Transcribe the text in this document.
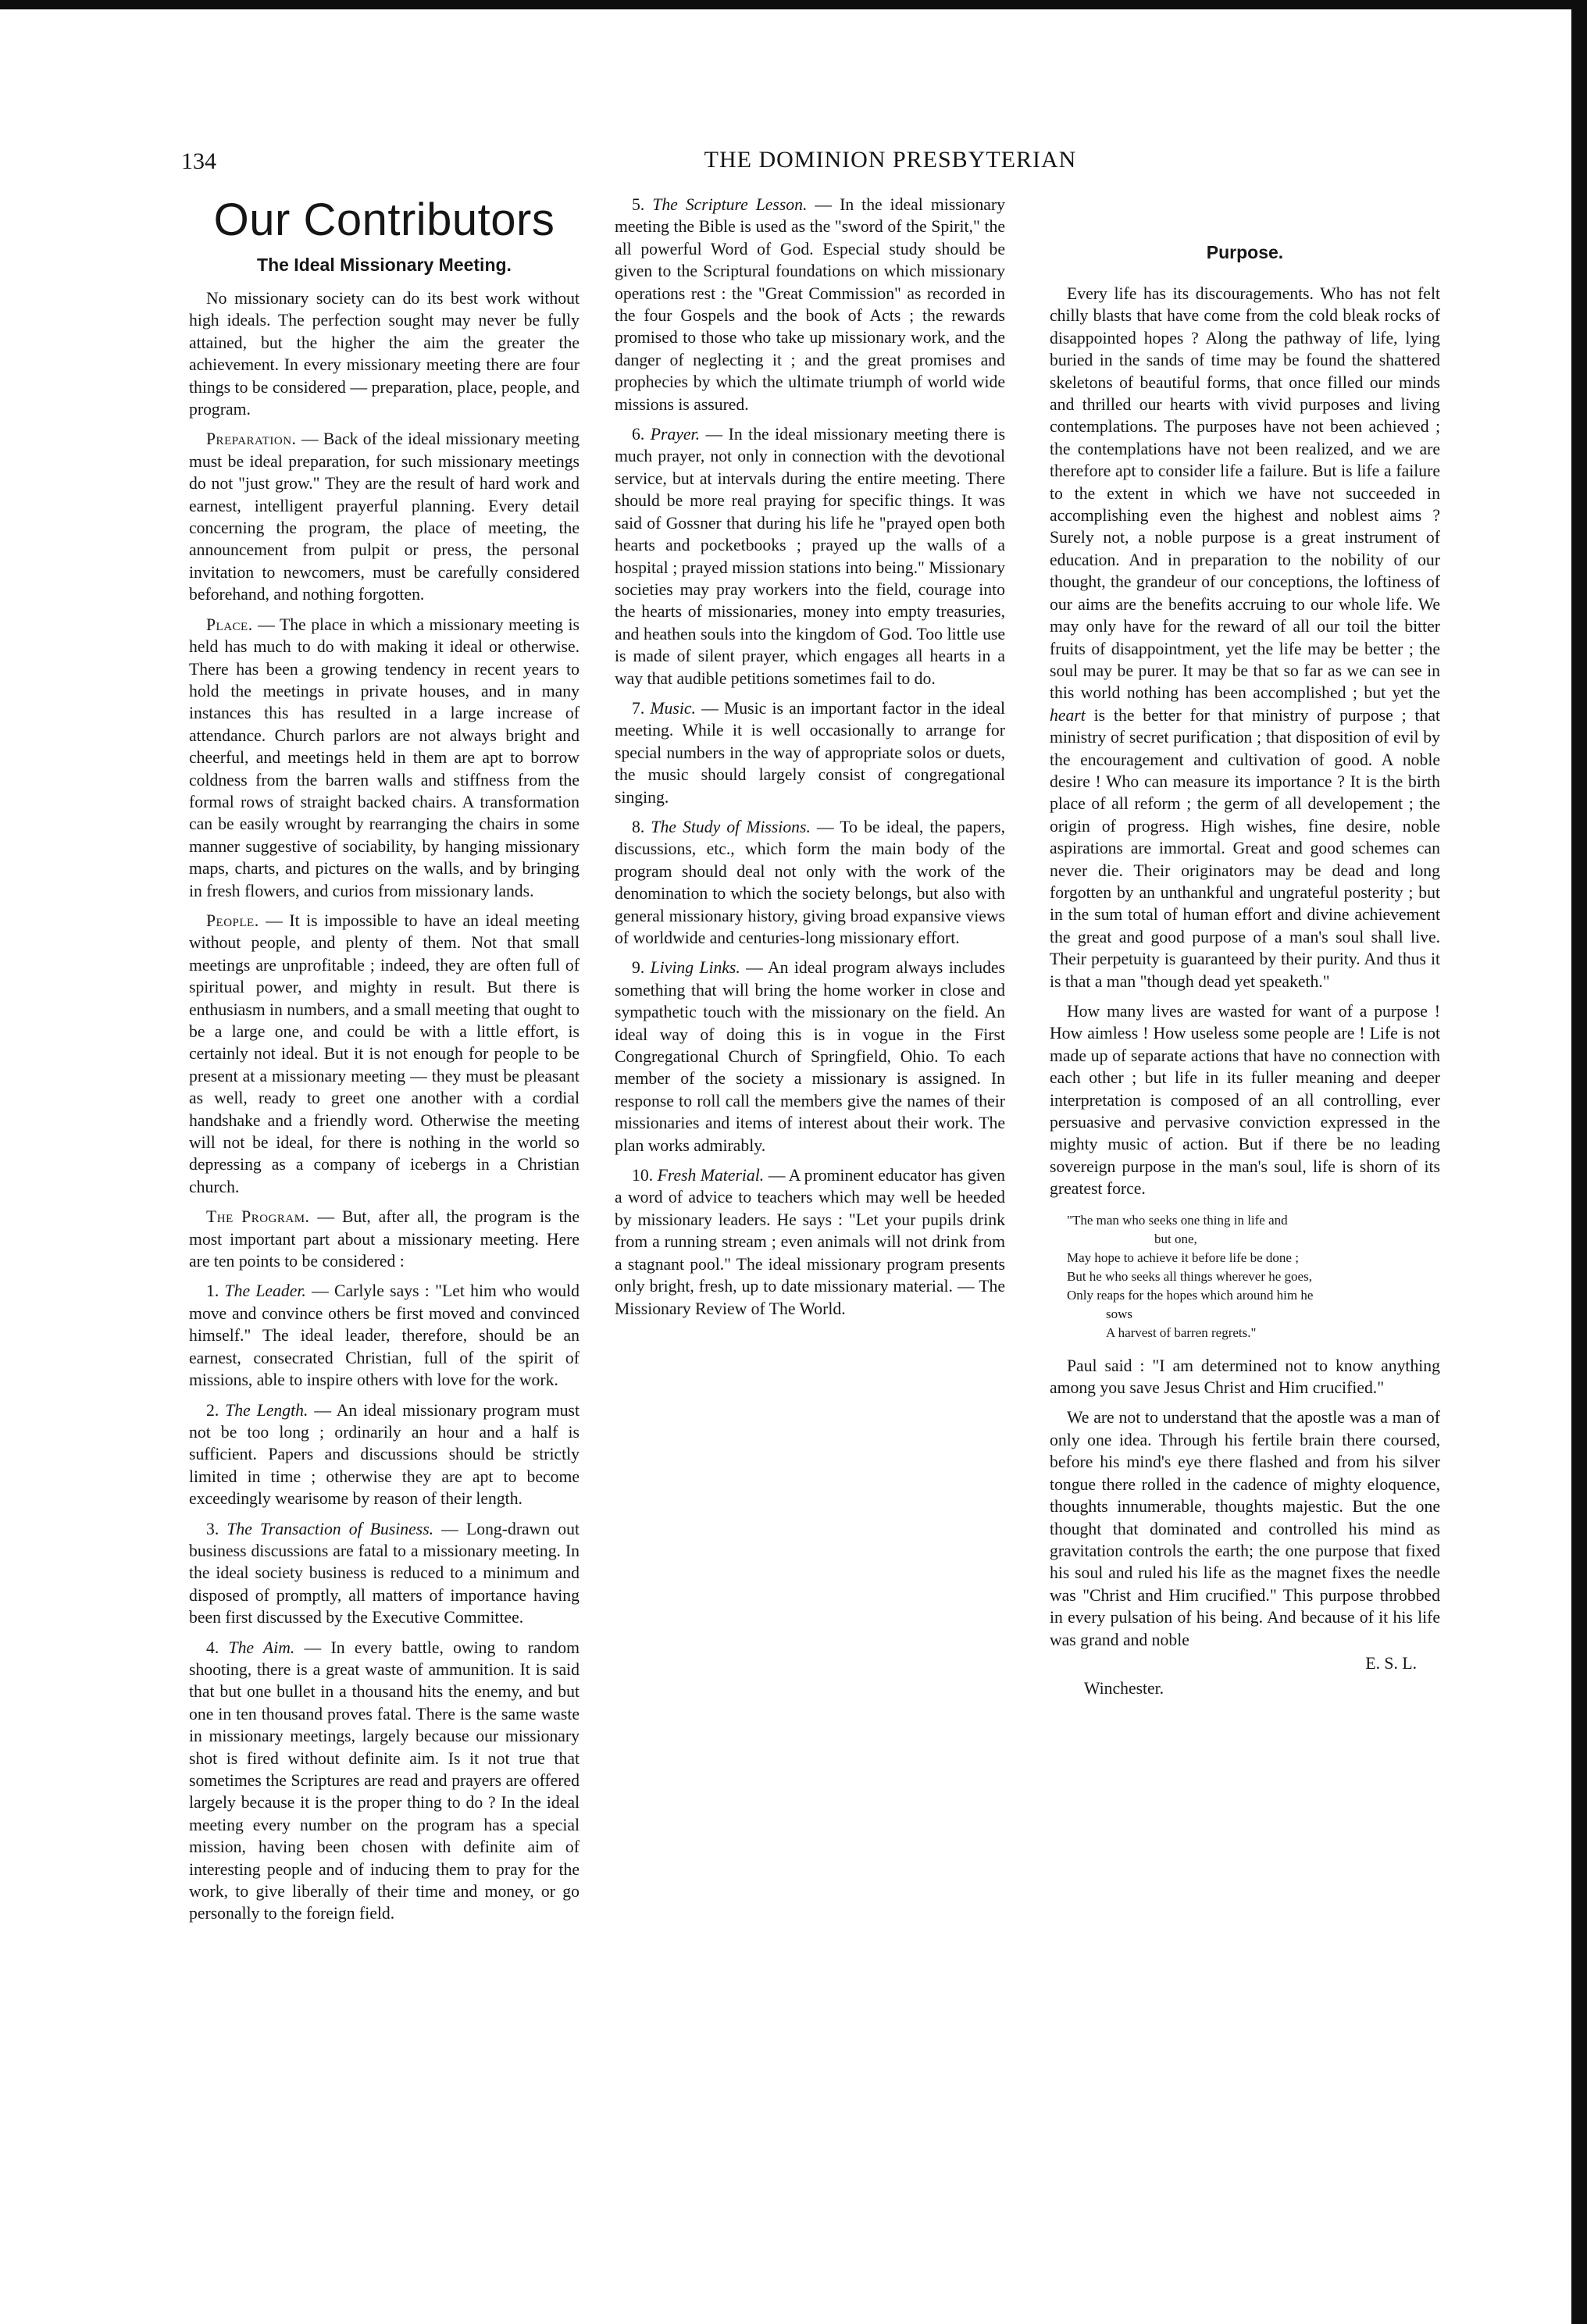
134	THE DOMINION PRESBYTERIAN
Our Contributors
The Ideal Missionary Meeting.

No missionary society can do its best work without high ideals. The perfection sought may never be fully attained, but the higher the aim the greater the achievement. In every missionary meeting there are four things to be considered — preparation, place, people, and program.

Preparation. — Back of the ideal missionary meeting must be ideal preparation, for such missionary meetings do not "just grow." They are the result of hard work and earnest, intelligent prayerful planning. Every detail concerning the program, the place of meeting, the announcement from pulpit or press, the personal invitation to newcomers, must be carefully considered beforehand, and nothing forgotten.

Place. — The place in which a missionary meeting is held has much to do with making it ideal or otherwise. There has been a growing tendency in recent years to hold the meetings in private houses, and in many instances this has resulted in a large increase of attendance. Church parlors are not always bright and cheerful, and meetings held in them are apt to borrow coldness from the barren walls and stiffness from the formal rows of straight backed chairs. A transformation can be easily wrought by rearranging the chairs in some manner suggestive of sociability, by hanging missionary maps, charts, and pictures on the walls, and by bringing in fresh flowers, and curios from missionary lands.

People. — It is impossible to have an ideal meeting without people, and plenty of them. Not that small meetings are unprofitable ; indeed, they are often full of spiritual power, and mighty in result. But there is enthusiasm in numbers, and a small meeting that ought to be a large one, and could be with a little effort, is certainly not ideal. But it is not enough for people to be present at a missionary meeting — they must be pleasant as well, ready to greet one another with a cordial handshake and a friendly word. Otherwise the meeting will not be ideal, for there is nothing in the world so depressing as a company of icebergs in a Christian church.

The Program. — But, after all, the program is the most important part about a missionary meeting. Here are ten points to be considered :

1. The Leader. — Carlyle says : "Let him who would move and convince others be first moved and convinced himself." The ideal leader, therefore, should be an earnest, consecrated Christian, full of the spirit of missions, able to inspire others with love for the work.

2. The Length. — An ideal missionary program must not be too long ; ordinarily an hour and a half is sufficient. Papers and discussions should be strictly limited in time ; otherwise they are apt to become exceedingly wearisome by reason of their length.

3. The Transaction of Business. — Long-drawn out business discussions are fatal to a missionary meeting. In the ideal society business is reduced to a minimum and disposed of promptly, all matters of importance having been first discussed by the Executive Committee.

4. The Aim. — In every battle, owing to random shooting, there is a great waste of ammunition. It is said that but one bullet in a thousand hits the enemy, and but one in ten thousand proves fatal. There is the same waste in missionary meetings, largely because our missionary shot is fired without definite aim. Is it not true that sometimes the Scriptures are read and prayers are offered largely because it is the proper thing to do ? In the ideal meeting every number on the program has a special mission, having been chosen with definite aim of interesting people and of inducing them to pray for the work, to give liberally of their time and money, or go personally to the foreign field.

5. The Scripture Lesson. — In the ideal missionary meeting the Bible is used as the "sword of the Spirit," the all powerful Word of God. Especial study should be given to the Scriptural foundations on which missionary operations rest : the "Great Commission" as recorded in the four Gospels and the book of Acts ; the rewards promised to those who take up missionary work, and the danger of neglecting it ; and the great promises and prophecies by which the ultimate triumph of world wide missions is assured.

6. Prayer. — In the ideal missionary meeting there is much prayer, not only in connection with the devotional service, but at intervals during the entire meeting. There should be more real praying for specific things. It was said of Gossner that during his life he "prayed open both hearts and pocketbooks ; prayed up the walls of a hospital ; prayed mission stations into being." Missionary societies may pray workers into the field, courage into the hearts of missionaries, money into empty treasuries, and heathen souls into the kingdom of God. Too little use is made of silent prayer, which engages all hearts in a way that audible petitions sometimes fail to do.

7. Music. — Music is an important factor in the ideal meeting. While it is well occasionally to arrange for special numbers in the way of appropriate solos or duets, the music should largely consist of congregational singing.

8. The Study of Missions. — To be ideal, the papers, discussions, etc., which form the main body of the program should deal not only with the work of the denomination to which the society belongs, but also with general missionary history, giving broad expansive views of worldwide and centuries-long missionary effort.

9. Living Links. — An ideal program always includes something that will bring the home worker in close and sympathetic touch with the missionary on the field. An ideal way of doing this is in vogue in the First Congregational Church of Springfield, Ohio. To each member of the society a missionary is assigned. In response to roll call the members give the names of their missionaries and items of interest about their work. The plan works admirably.

10. Fresh Material. — A prominent educator has given a word of advice to teachers which may well be heeded by missionary leaders. He says : "Let your pupils drink from a running stream ; even animals will not drink from a stagnant pool." The ideal missionary program presents only bright, fresh, up to date missionary material. — The Missionary Review of The World.

Purpose.

Every life has its discouragements. Who has not felt chilly blasts that have come from the cold bleak rocks of disappointed hopes ? Along the pathway of life, lying buried in the sands of time may be found the shattered skeletons of beautiful forms, that once filled our minds and thrilled our hearts with vivid purposes and living contemplations. The purposes have not been achieved ; the contemplations have not been realized, and we are therefore apt to consider life a failure. But is life a failure to the extent in which we have not succeeded in accomplishing even the highest and noblest aims ? Surely not, a noble purpose is a great instrument of education. And in preparation to the nobility of our thought, the grandeur of our conceptions, the loftiness of our aims are the benefits accruing to our whole life. We may only have for the reward of all our toil the bitter fruits of disappointment, yet the life may be better ; the soul may be purer. It may be that so far as we can see in this world nothing has been accomplished ; but yet the heart is the better for that ministry of purpose ; that ministry of secret purification ; that disposition of evil by the encouragement and cultivation of good. A noble desire ! Who can measure its importance ? It is the birth place of all reform ; the germ of all developement ; the origin of progress. High wishes, fine desire, noble aspirations are immortal. Great and good schemes can never die. Their originators may be dead and long forgotten by an unthankful and ungrateful posterity ; but in the sum total of human effort and divine achievement the great and good purpose of a man's soul shall live. Their perpetuity is guaranteed by their purity. And thus it is that a man "though dead yet speaketh."

How many lives are wasted for want of a purpose ! How aimless ! How useless some people are ! Life is not made up of separate actions that have no connection with each other ; but life in its fuller meaning and deeper interpretation is composed of an all controlling, ever persuasive and pervasive conviction expressed in the mighty music of action. But if there be no leading sovereign purpose in the man's soul, life is shorn of its greatest force.

"The man who seeks one thing in life and
but one,
May hope to achieve it before life be done ;
But he who seeks all things wherever he goes,
Only reaps for the hopes which around him he
sows
A harvest of barren regrets."

Paul said : "I am determined not to know anything among you save Jesus Christ and Him crucified."

We are not to understand that the apostle was a man of only one idea. Through his fertile brain there coursed, before his mind's eye there flashed and from his silver tongue there rolled in the cadence of mighty eloquence, thoughts innumerable, thoughts majestic. But the one thought that dominated and controlled his mind as gravitation controls the earth; the one purpose that fixed his soul and ruled his life as the magnet fixes the needle was "Christ and Him crucified." This purpose throbbed in every pulsation of his being. And because of it his life was grand and noble

E. S. L.
Winchester.
